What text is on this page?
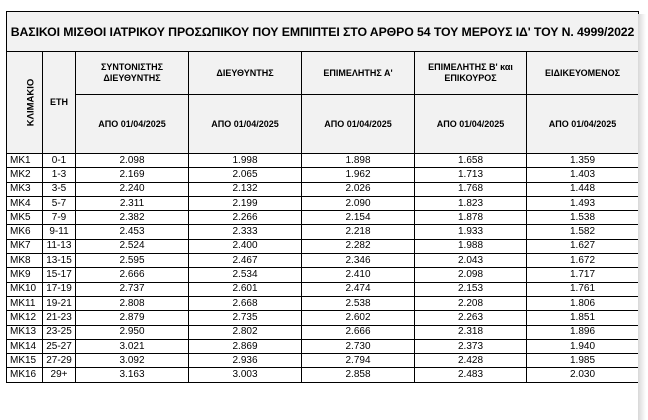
ΒΑΣΙΚΟΙ ΜΙΣΘΟΙ ΙΑΤΡΙΚΟΥ ΠΡΟΣΩΠΙΚΟΥ ΠΟΥ ΕΜΠΙΠΤΕΙ ΣΤΟ ΑΡΘΡΟ 54 ΤΟΥ ΜΕΡΟΥΣ ΙΔ' ΤΟΥ Ν. 4999/2022						
ΚΛΙΜΑΚΙΟ	ΕΤΗ	ΣΥΝΤΟΝΙΣΤΗΣ ΔΙΕΥΘΥΝΤΗΣ	ΔΙΕΥΘΥΝΤΗΣ	ΕΠΙΜΕΛΗΤΗΣ Α'	ΕΠΙΜΕΛΗΤΗΣ Β' και ΕΠΙΚΟΥΡΟΣ	ΕΙΔΙΚΕΥΟΜΕΝΟΣ
		ΑΠΟ 01/04/2025	ΑΠΟ 01/04/2025	ΑΠΟ 01/04/2025	ΑΠΟ 01/04/2025	ΑΠΟ 01/04/2025
MK1	0-1	2.098	1.998	1.898	1.658	1.359
MK2	1-3	2.169	2.065	1.962	1.713	1.403
MK3	3-5	2.240	2.132	2.026	1.768	1.448
MK4	5-7	2.311	2.199	2.090	1.823	1.493
MK5	7-9	2.382	2.266	2.154	1.878	1.538
MK6	9-11	2.453	2.333	2.218	1.933	1.582
MK7	11-13	2.524	2.400	2.282	1.988	1.627
MK8	13-15	2.595	2.467	2.346	2.043	1.672
MK9	15-17	2.666	2.534	2.410	2.098	1.717
MK10	17-19	2.737	2.601	2.474	2.153	1.761
MK11	19-21	2.808	2.668	2.538	2.208	1.806
MK12	21-23	2.879	2.735	2.602	2.263	1.851
MK13	23-25	2.950	2.802	2.666	2.318	1.896
MK14	25-27	3.021	2.869	2.730	2.373	1.940
MK15	27-29	3.092	2.936	2.794	2.428	1.985
MK16	29+	3.163	3.003	2.858	2.483	2.030
